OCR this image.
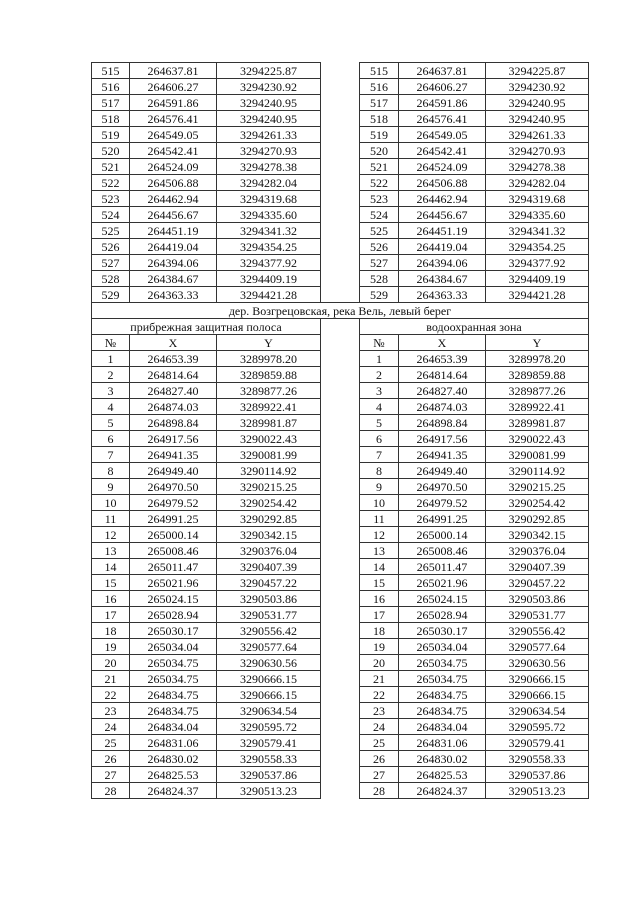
515	264637.81	3294225.87		515	264637.81	3294225.87
516	264606.27	3294230.92		516	264606.27	3294230.92
517	264591.86	3294240.95		517	264591.86	3294240.95
518	264576.41	3294240.95		518	264576.41	3294240.95
519	264549.05	3294261.33		519	264549.05	3294261.33
520	264542.41	3294270.93		520	264542.41	3294270.93
521	264524.09	3294278.38		521	264524.09	3294278.38
522	264506.88	3294282.04		522	264506.88	3294282.04
523	264462.94	3294319.68		523	264462.94	3294319.68
524	264456.67	3294335.60		524	264456.67	3294335.60
525	264451.19	3294341.32		525	264451.19	3294341.32
526	264419.04	3294354.25		526	264419.04	3294354.25
527	264394.06	3294377.92		527	264394.06	3294377.92
528	264384.67	3294409.19		528	264384.67	3294409.19
529	264363.33	3294421.28		529	264363.33	3294421.28
дер. Возгрецовская, река Вель, левый берег						
прибрежная защитная полоса				водоохранная зона		
№	X	Y		№	X	Y
1	264653.39	3289978.20		1	264653.39	3289978.20
2	264814.64	3289859.88		2	264814.64	3289859.88
3	264827.40	3289877.26		3	264827.40	3289877.26
4	264874.03	3289922.41		4	264874.03	3289922.41
5	264898.84	3289981.87		5	264898.84	3289981.87
6	264917.56	3290022.43		6	264917.56	3290022.43
7	264941.35	3290081.99		7	264941.35	3290081.99
8	264949.40	3290114.92		8	264949.40	3290114.92
9	264970.50	3290215.25		9	264970.50	3290215.25
10	264979.52	3290254.42		10	264979.52	3290254.42
11	264991.25	3290292.85		11	264991.25	3290292.85
12	265000.14	3290342.15		12	265000.14	3290342.15
13	265008.46	3290376.04		13	265008.46	3290376.04
14	265011.47	3290407.39		14	265011.47	3290407.39
15	265021.96	3290457.22		15	265021.96	3290457.22
16	265024.15	3290503.86		16	265024.15	3290503.86
17	265028.94	3290531.77		17	265028.94	3290531.77
18	265030.17	3290556.42		18	265030.17	3290556.42
19	265034.04	3290577.64		19	265034.04	3290577.64
20	265034.75	3290630.56		20	265034.75	3290630.56
21	265034.75	3290666.15		21	265034.75	3290666.15
22	264834.75	3290666.15		22	264834.75	3290666.15
23	264834.75	3290634.54		23	264834.75	3290634.54
24	264834.04	3290595.72		24	264834.04	3290595.72
25	264831.06	3290579.41		25	264831.06	3290579.41
26	264830.02	3290558.33		26	264830.02	3290558.33
27	264825.53	3290537.86		27	264825.53	3290537.86
28	264824.37	3290513.23		28	264824.37	3290513.23
